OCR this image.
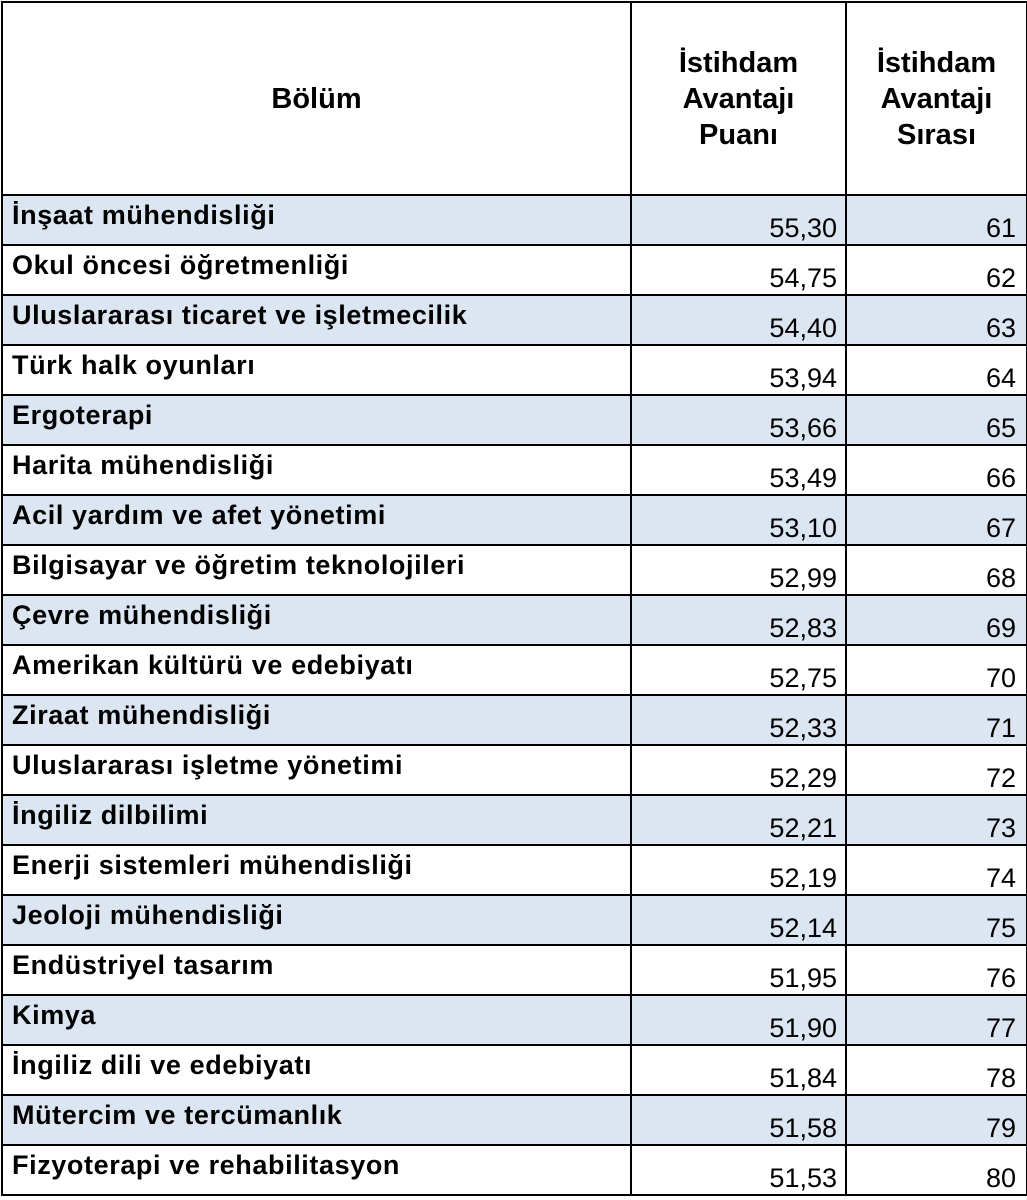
Bölüm	İstihdam Avantajı Puanı	İstihdam Avantajı Sırası
İnşaat mühendisliği	55,30	61
Okul öncesi öğretmenliği	54,75	62
Uluslararası ticaret ve işletmecilik	54,40	63
Türk halk oyunları	53,94	64
Ergoterapi	53,66	65
Harita mühendisliği	53,49	66
Acil yardım ve afet yönetimi	53,10	67
Bilgisayar ve öğretim teknolojileri	52,99	68
Çevre mühendisliği	52,83	69
Amerikan kültürü ve edebiyatı	52,75	70
Ziraat mühendisliği	52,33	71
Uluslararası işletme yönetimi	52,29	72
İngiliz dilbilimi	52,21	73
Enerji sistemleri mühendisliği	52,19	74
Jeoloji mühendisliği	52,14	75
Endüstriyel tasarım	51,95	76
Kimya	51,90	77
İngiliz dili ve edebiyatı	51,84	78
Mütercim ve tercümanlık	51,58	79
Fizyoterapi ve rehabilitasyon	51,53	80
